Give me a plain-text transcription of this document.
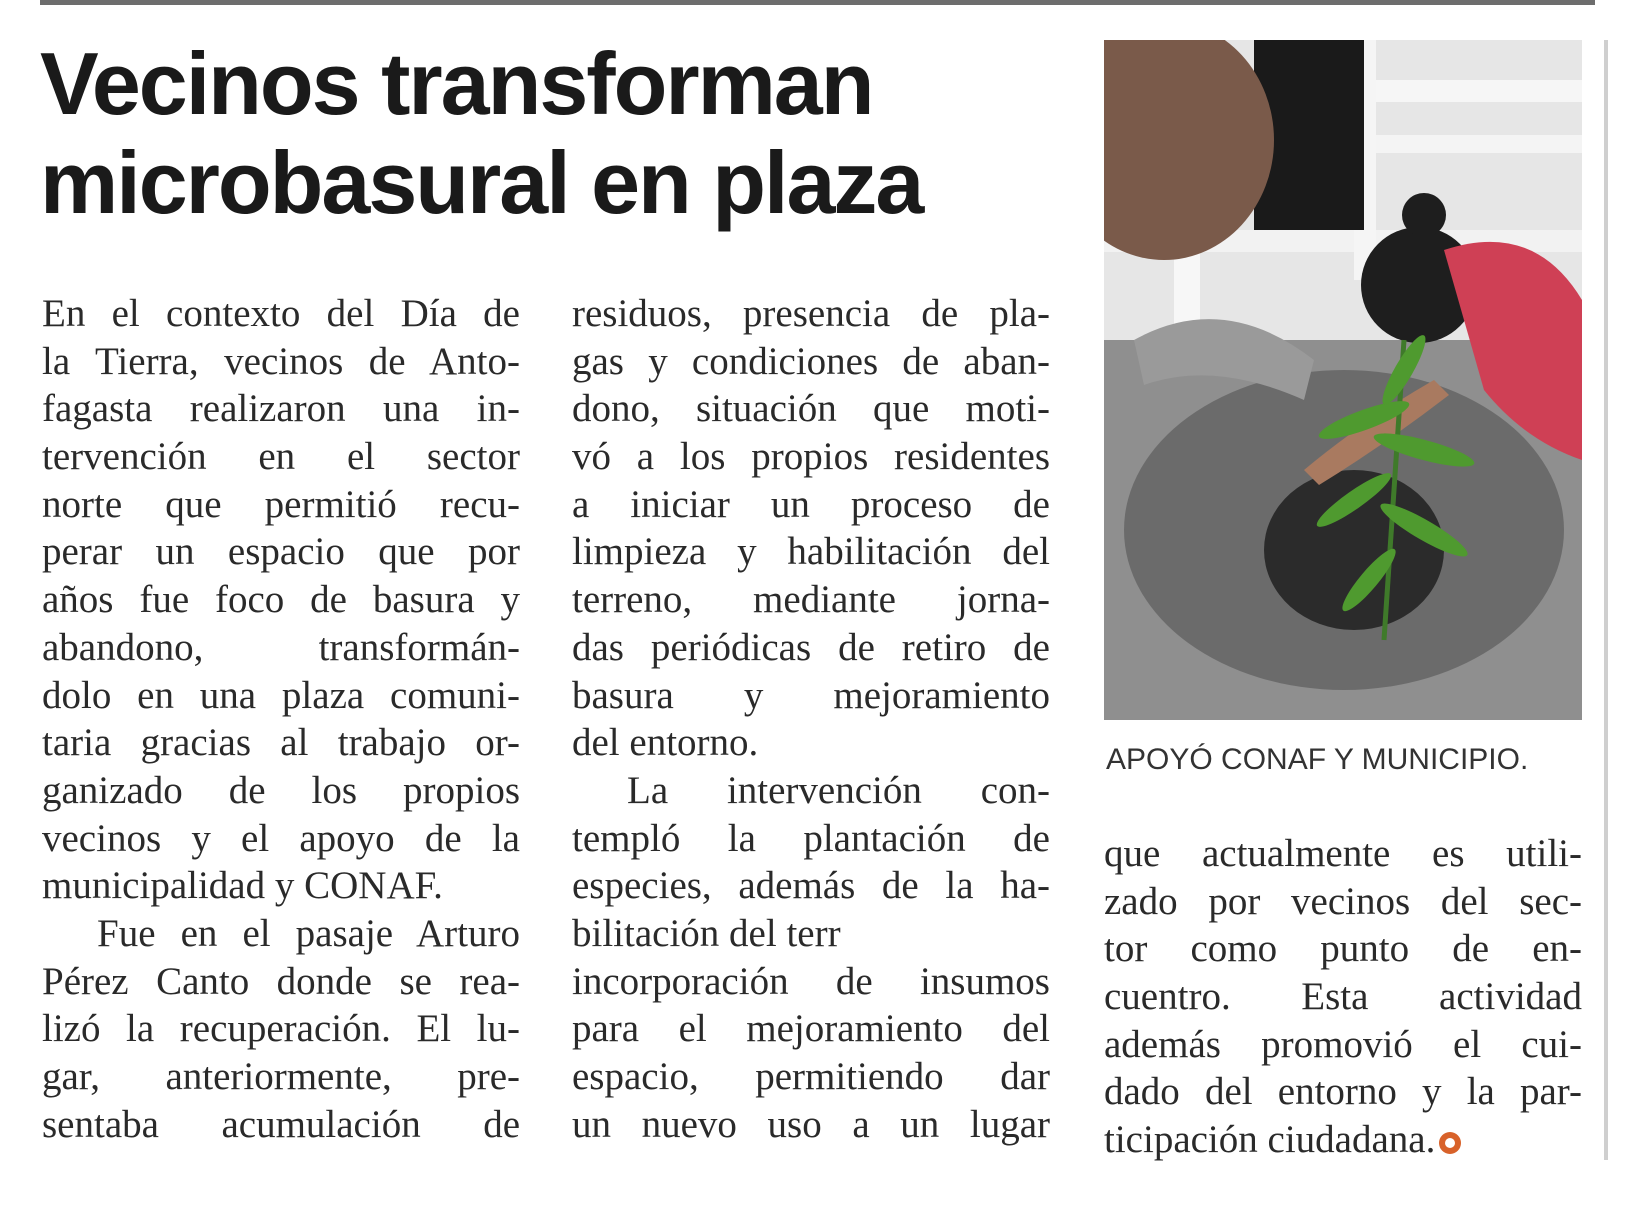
Vecinos transforman
microbasural en plaza
APOYÓ CONAF Y MUNICIPIO.
En el contexto del Día de
la Tierra, vecinos de Anto-
fagasta realizaron una in-
tervención en el sector
norte que permitió recu-
perar un espacio que por
años fue foco de basura y
abandono, transformán-
dolo en una plaza comuni-
taria gracias al trabajo or-
ganizado de los propios
vecinos y el apoyo de la
municipalidad y CONAF.
Fue en el pasaje Arturo
Pérez Canto donde se rea-
lizó la recuperación. El lu-
gar, anteriormente, pre-
sentaba acumulación de
residuos, presencia de pla-
gas y condiciones de aban-
dono, situación que moti-
vó a los propios residentes
a iniciar un proceso de
limpieza y habilitación del
terreno, mediante jorna-
das periódicas de retiro de
basura y mejoramiento
del entorno.
La intervención con-
templó la plantación de
especies, además de la ha-
bilitación del terr
incorporación de insumos
para el mejoramiento del
espacio, permitiendo dar
un nuevo uso a un lugar
que actualmente es utili-
zado por vecinos del sec-
tor como punto de en-
cuentro. Esta actividad
además promovió el cui-
dado del entorno y la par-
ticipación ciudadana.
